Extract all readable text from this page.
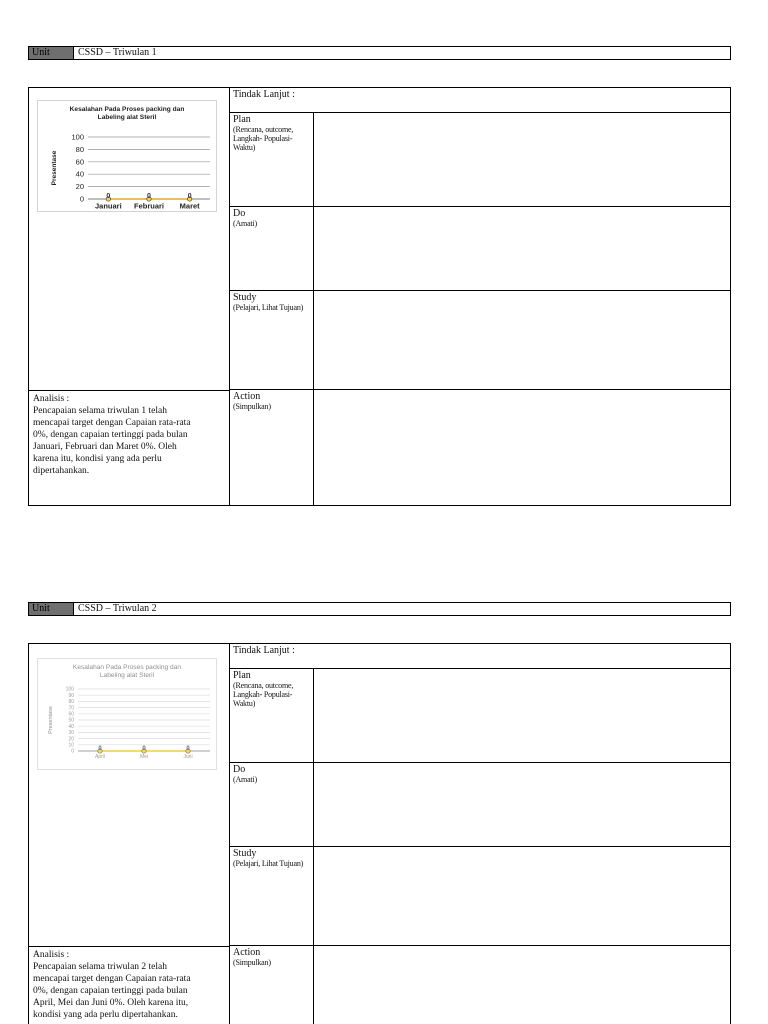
Unit	CSSD – Triwulan 1
Kesalahan Pada Proses packing dan
Labeling alat Steril
Presentase
0
20
40
60
80
100
0
Januari
0
Februari
0
Maret
Analisis :
Pencapaian selama triwulan 1 telah
mencapai target dengan Capaian rata-rata
0%, dengan capaian tertinggi pada bulan
Januari, Februari dan Maret 0%. Oleh
karena itu, kondisi yang ada perlu
dipertahankan.
Tindak Lanjut :
Plan
(Rencana, outcome, Langkah- Populasi- Waktu)
Do
(Amati)
Study
(Pelajari, Lihat Tujuan)
Action
(Simpulkan)
Unit	CSSD – Triwulan 2
Kesalahan Pada Proses packing dan
Labeling alat Steril
Presentase
0
10
20
30
40
50
60
70
80
90
100
0
April
0
Mei
0
Juni
Analisis :
Pencapaian selama triwulan 2 telah
mencapai target dengan Capaian rata-rata
0%, dengan capaian tertinggi pada bulan
April, Mei dan Juni 0%. Oleh karena itu,
kondisi yang ada perlu dipertahankan.
Tindak Lanjut :
Plan
(Rencana, outcome, Langkah- Populasi- Waktu)
Do
(Amati)
Study
(Pelajari, Lihat Tujuan)
Action
(Simpulkan)
